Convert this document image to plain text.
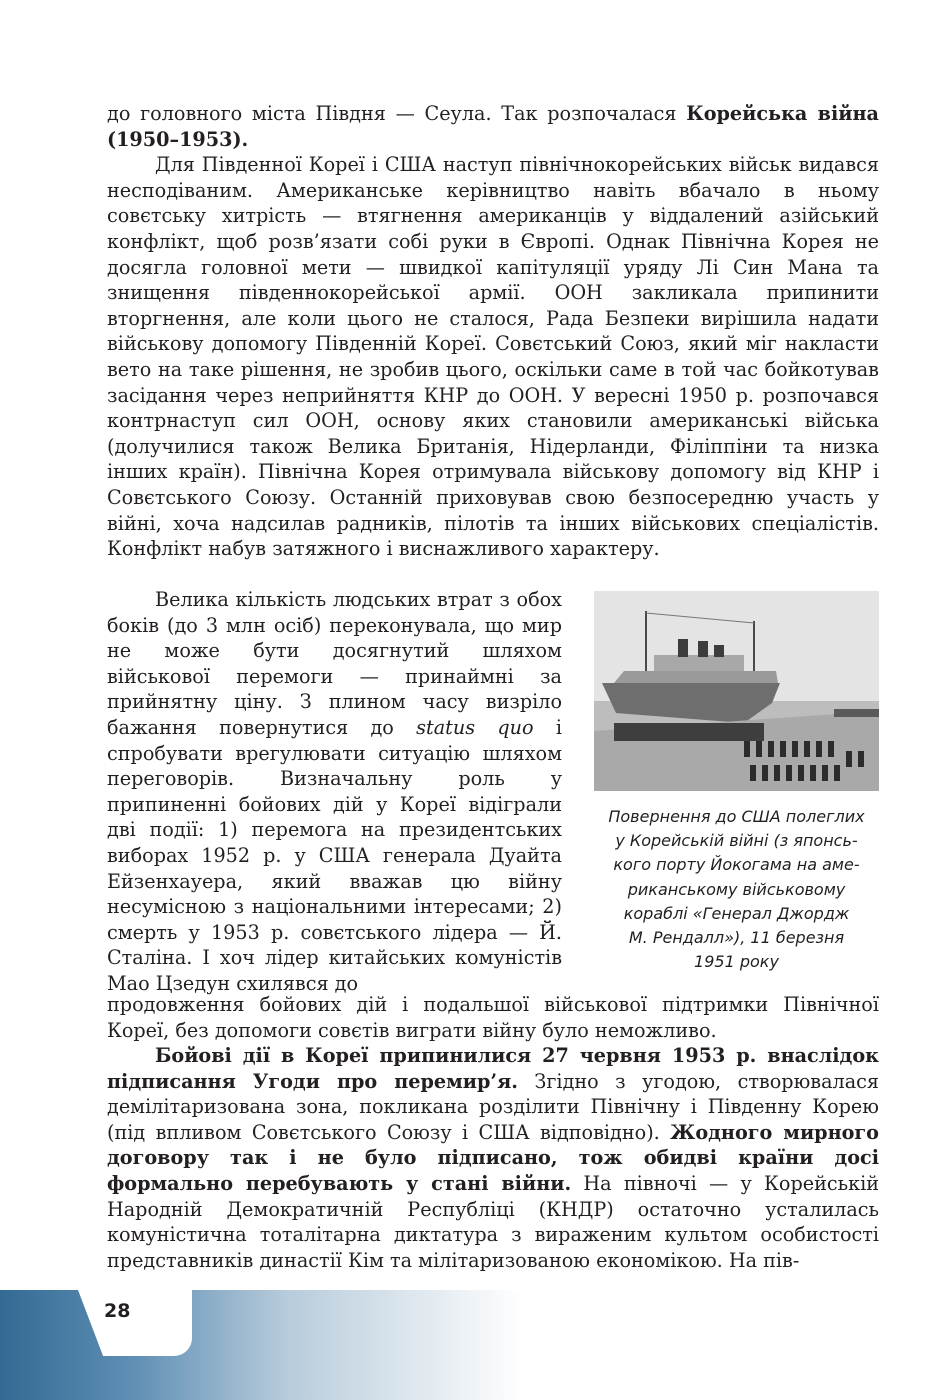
до головного міста Півдня — Сеула. Так розпочалася Корейська війна (1950–1953).

Для Південної Кореї і США наступ північнокорейських військ видався несподіваним. Американське керівництво навіть вбачало в ньому совєтську хитрість — втягнення американців у віддалений азійський конфлікт, щоб розв’язати собі руки в Європі. Однак Північна Корея не досягла головної мети — швидкої капітуляції уряду Лі Син Мана та знищення південнокорейської армії. ООН закликала припинити вторгнення, але коли цього не сталося, Рада Безпеки вирішила надати військову допомогу Південній Кореї. Совєтський Союз, який міг накласти вето на таке рішення, не зробив цього, оскільки саме в той час бойкотував засідання через неприйняття КНР до ООН. У вересні 1950 р. розпочався контрнаступ сил ООН, основу яких становили американські війська (долучилися також Велика Британія, Нідерланди, Філіппіни та низка інших країн). Північна Корея отримувала військову допомогу від КНР і Совєтського Союзу. Останній приховував свою безпосередню участь у війні, хоча надсилав радників, пілотів та інших військових спеціалістів. Конфлікт набув затяжного і виснажливого характеру.

Велика кількість людських втрат з обох боків (до 3 млн осіб) переконувала, що мир не може бути досягнутий шляхом військової перемоги — принаймні за прийнятну ціну. З плином часу визріло бажання повернутися до status quo і спробувати врегулювати ситуацію шляхом переговорів. Визначальну роль у припиненні бойових дій у Кореї відіграли дві події: 1) перемога на президентських виборах 1952 р. у США генерала Дуайта Ейзенхауера, який вважав цю війну несумісною з національними інтересами; 2) смерть у 1953 р. совєтського лідера — Й. Сталіна. І хоч лідер китайських комуністів Мао Цзедун схилявся до

продовження бойових дій і подальшої військової підтримки Північної Кореї, без допомоги совєтів виграти війну було неможливо.

Бойові дії в Кореї припинилися 27 червня 1953 р. внаслідок підписання Угоди про перемир’я. Згідно з угодою, створювалася демілітаризована зона, покликана розділити Північну і Південну Корею (під впливом Совєтського Союзу і США відповідно). Жодного мирного договору так і не було підписано, тож обидві країни досі формально перебувають у стані війни. На півночі — у Корейській Народній Демократичній Республіці (КНДР) остаточно усталилась комуністична тоталітарна диктатура з вираженим культом особистості представників династії Кім та мілітаризованою економікою. На пів-

Повернення до США полеглих
у Корейській війні (з японсь-
кого порту Йокогама на аме-
риканському військовому
кораблі «Генерал Джордж
М. Рендалл»), 11 березня
1951 року
28
